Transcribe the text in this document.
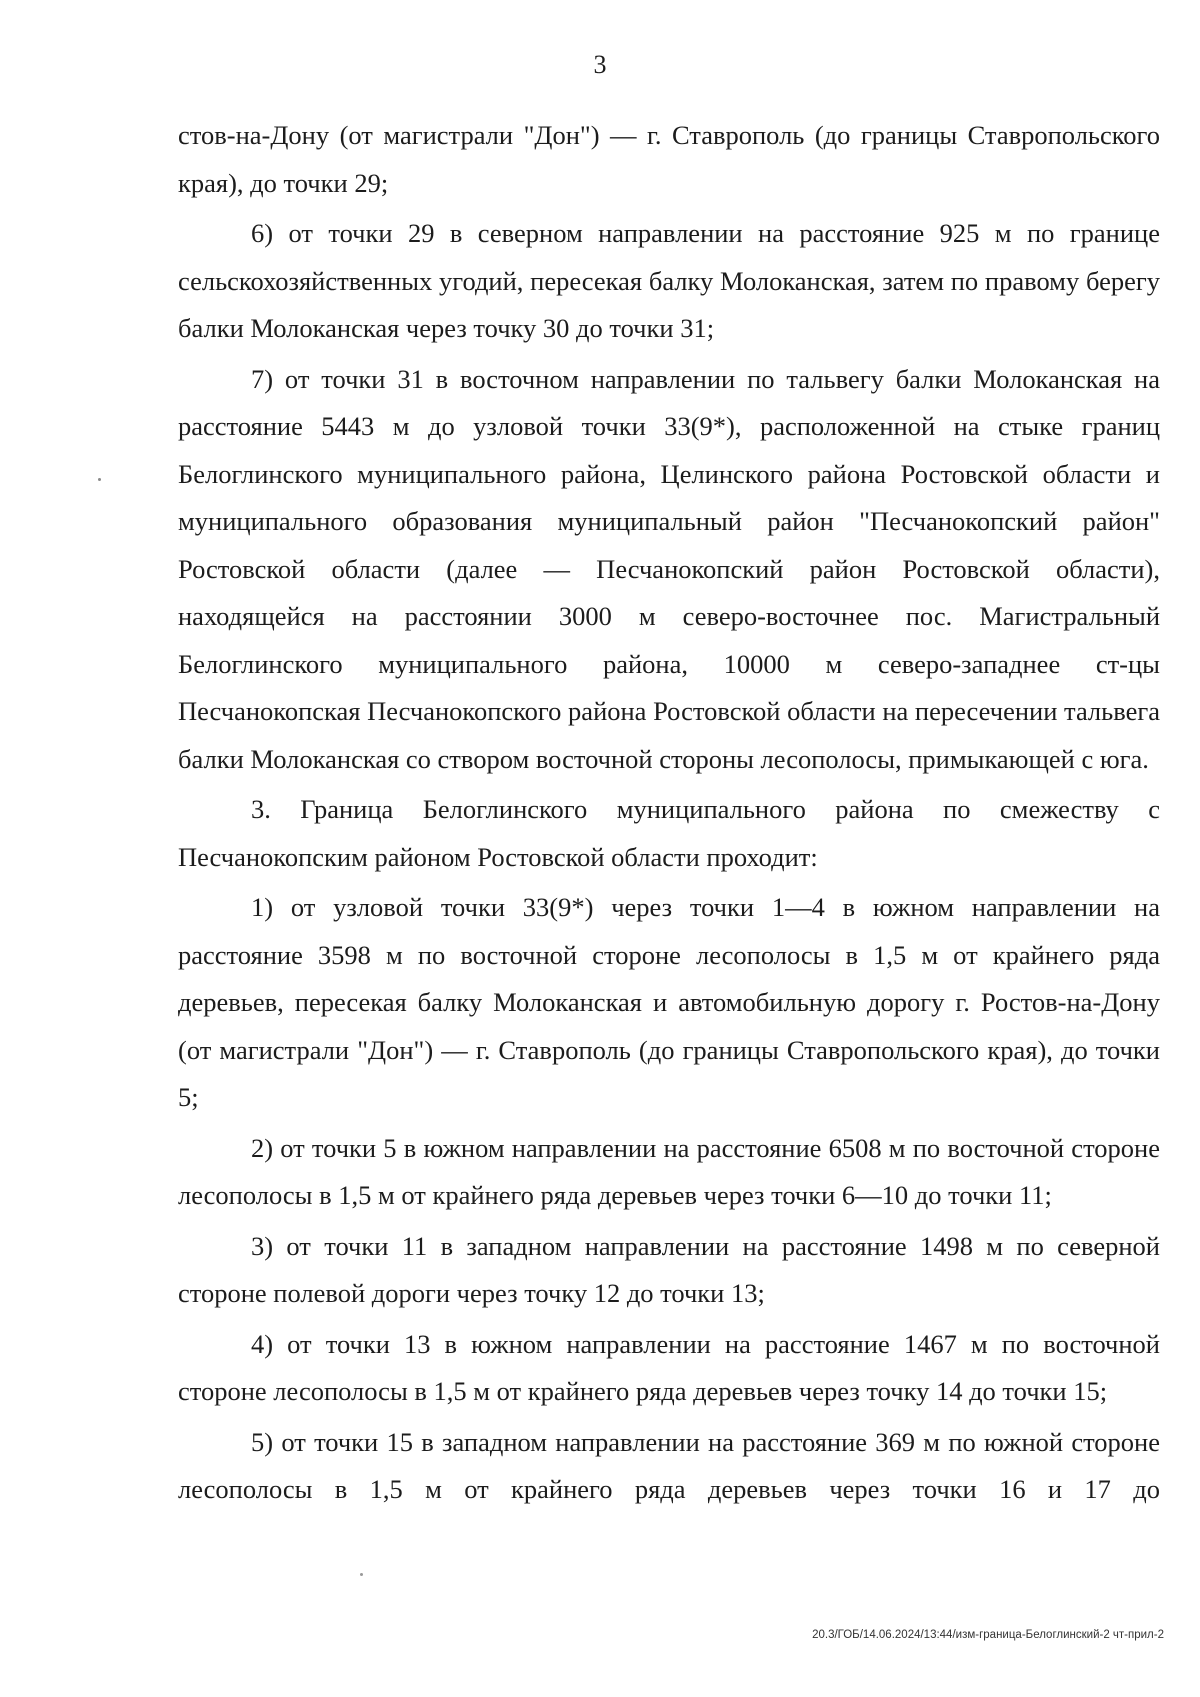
3

стов-на-Дону (от магистрали "Дон") — г. Ставрополь (до границы Ставропольского края), до точки 29;

6) от точки 29 в северном направлении на расстояние 925 м по границе сельскохозяйственных угодий, пересекая балку Молоканская, затем по правому берегу балки Молоканская через точку 30 до точки 31;

7) от точки 31 в восточном направлении по тальвегу балки Молоканская на расстояние 5443 м до узловой точки 33(9*), расположенной на стыке границ Белоглинского муниципального района, Целинского района Ростовской области и муниципального образования муниципальный район "Песчанокопский район" Ростовской области (далее — Песчанокопский район Ростовской области), находящейся на расстоянии 3000 м северо-восточнее пос. Магистральный Белоглинского муниципального района, 10000 м северо-западнее ст-цы Песчанокопская Песчанокопского района Ростовской области на пересечении тальвега балки Молоканская со створом восточной стороны лесополосы, примыкающей с юга.

3. Граница Белоглинского муниципального района по смежеству с Песчанокопским районом Ростовской области проходит:

1) от узловой точки 33(9*) через точки 1—4 в южном направлении на расстояние 3598 м по восточной стороне лесополосы в 1,5 м от крайнего ряда деревьев, пересекая балку Молоканская и автомобильную дорогу г. Ростов-на-Дону (от магистрали "Дон") — г. Ставрополь (до границы Ставропольского края), до точки 5;

2) от точки 5 в южном направлении на расстояние 6508 м по восточной стороне лесополосы в 1,5 м от крайнего ряда деревьев через точки 6—10 до точки 11;

3) от точки 11 в западном направлении на расстояние 1498 м по северной стороне полевой дороги через точку 12 до точки 13;

4) от точки 13 в южном направлении на расстояние 1467 м по восточной стороне лесополосы в 1,5 м от крайнего ряда деревьев через точку 14 до точки 15;

5) от точки 15 в западном направлении на расстояние 369 м по южной стороне лесополосы в 1,5 м от крайнего ряда деревьев через точки 16 и 17 до

20.3/ГОБ/14.06.2024/13:44/изм-граница-Белоглинский-2 чт-прил-2
